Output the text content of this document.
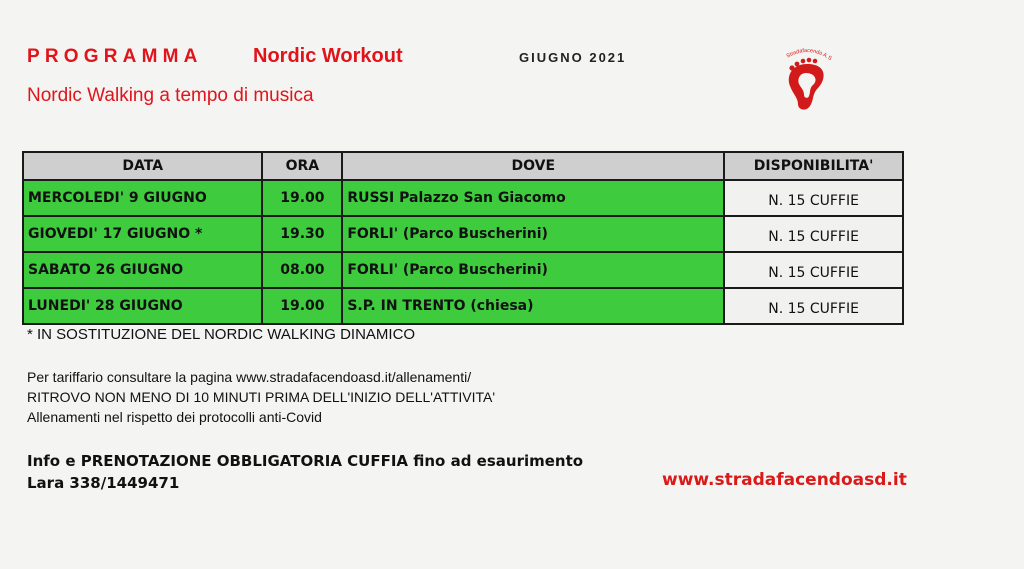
PROGRAMMA	Nordic Workout
Nordic Walking a tempo di musica
GIUGNO 2021	Stradafacendo A.S
DATA	ORA	DOVE	DISPONIBILITA'
MERCOLEDI' 9 GIUGNO	19.00	RUSSI Palazzo San Giacomo	N. 15 CUFFIE
GIOVEDI' 17 GIUGNO *	19.30	FORLI' (Parco Buscherini)	N. 15 CUFFIE
SABATO 26 GIUGNO	08.00	FORLI' (Parco Buscherini)	N. 15 CUFFIE
LUNEDI' 28 GIUGNO	19.00	S.P. IN TRENTO (chiesa)	N. 15 CUFFIE
* IN SOSTITUZIONE DEL NORDIC WALKING DINAMICO
Per tariffario consultare la pagina www.stradafacendoasd.it/allenamenti/
RITROVO NON MENO DI 10 MINUTI PRIMA DELL'INIZIO DELL'ATTIVITA'
Allenamenti nel rispetto dei protocolli anti-Covid
Info e PRENOTAZIONE OBBLIGATORIA CUFFIA fino ad esaurimento
Lara 338/1449471	www.stradafacendoasd.it
